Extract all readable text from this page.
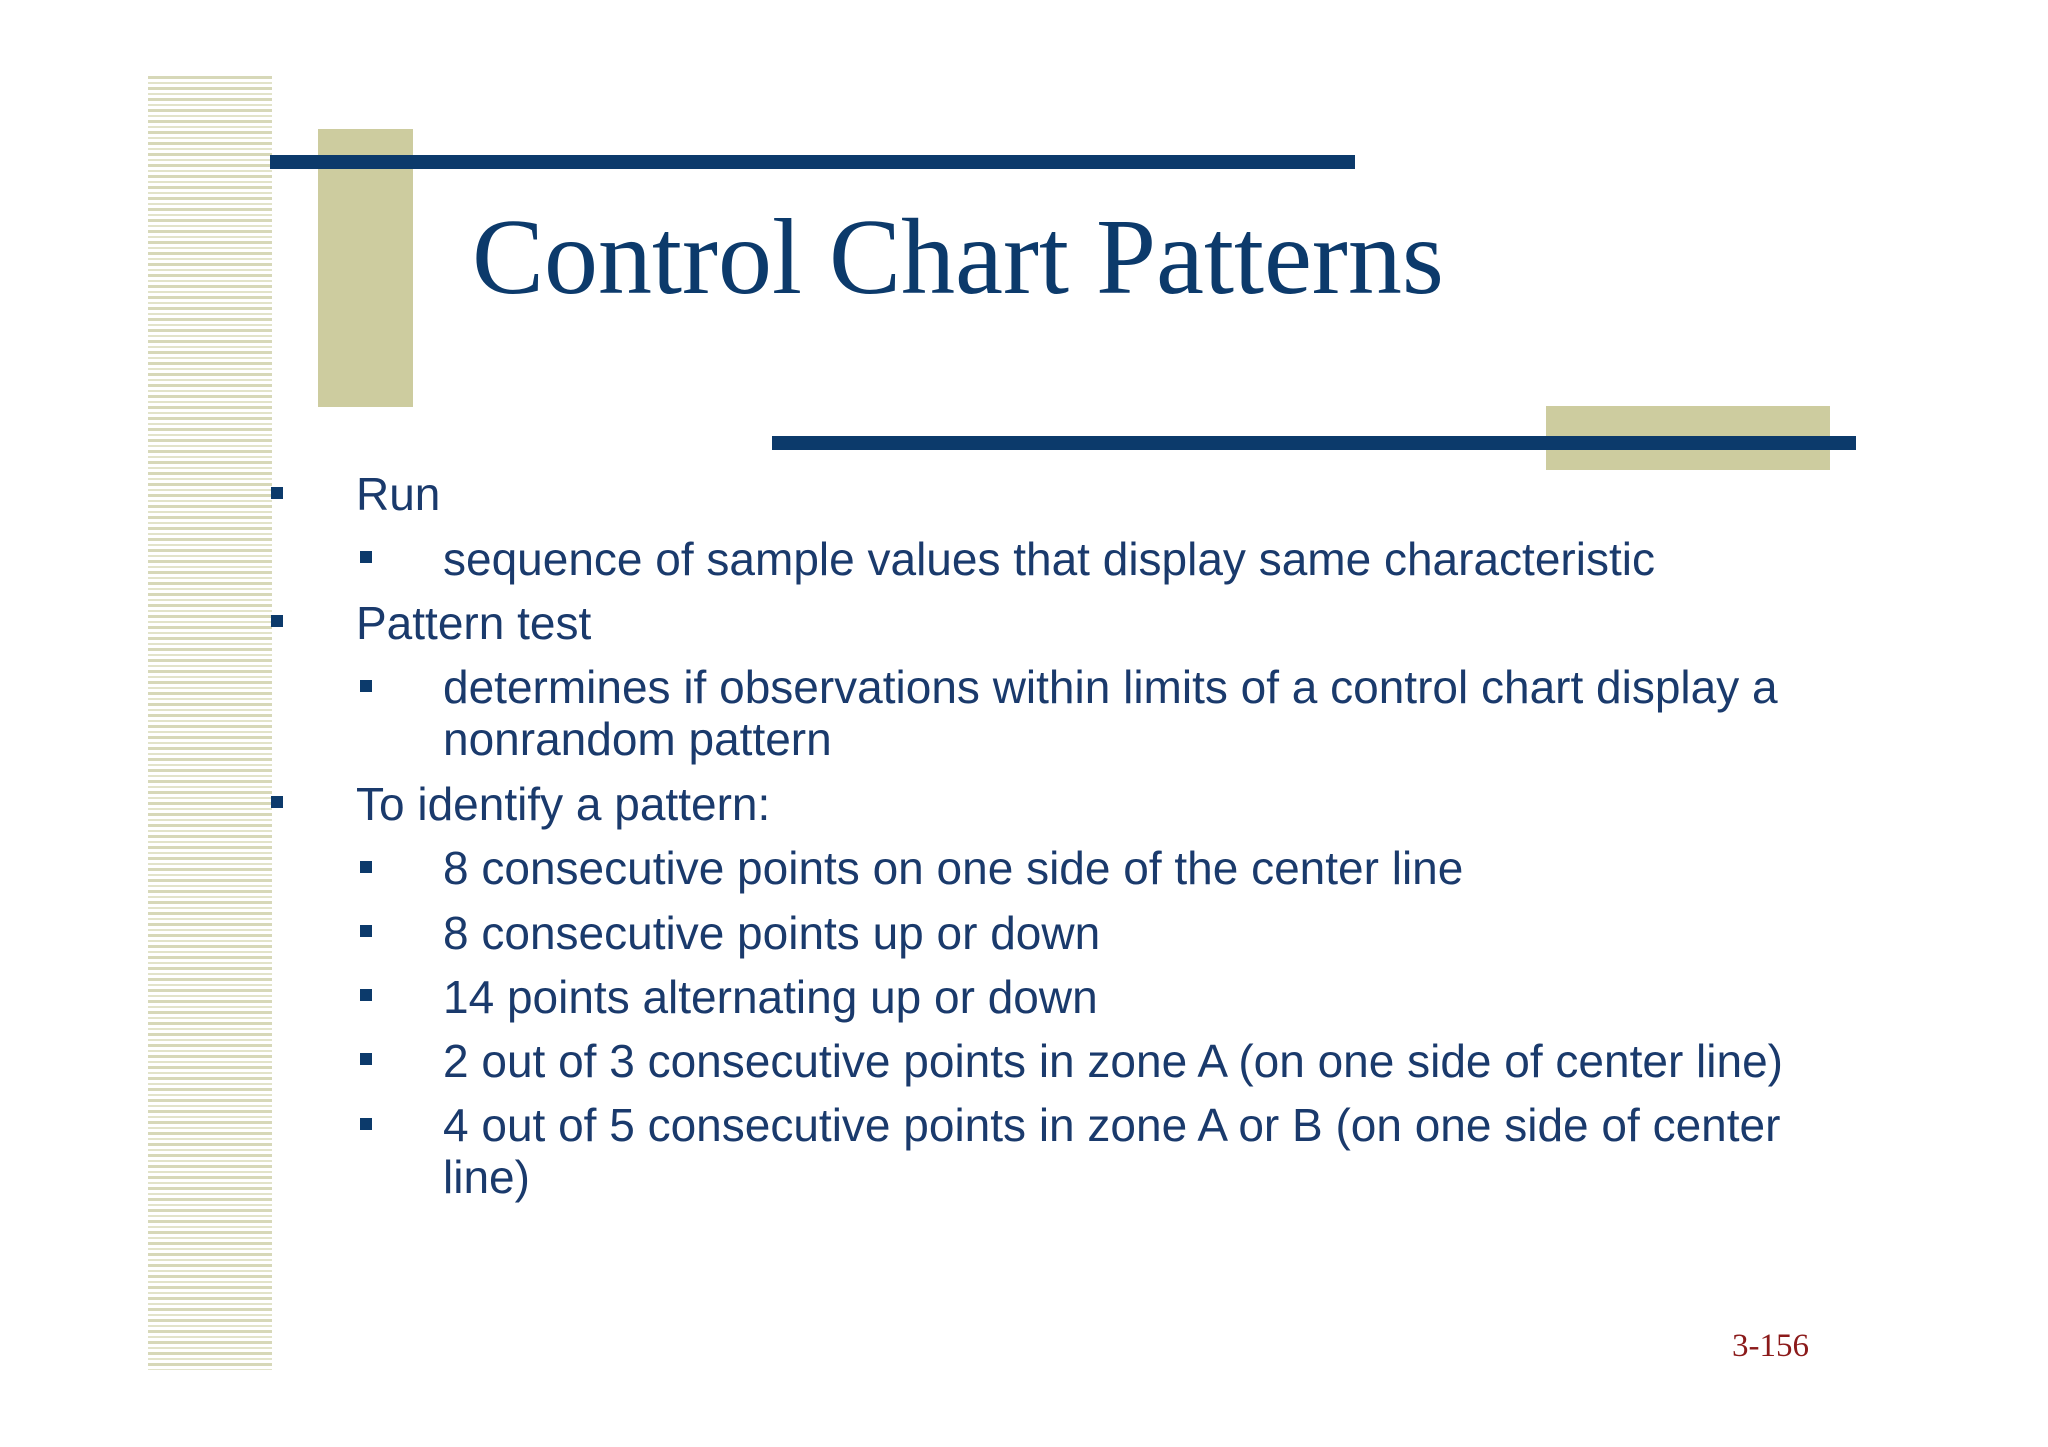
Control Chart Patterns
Run
sequence of sample values that display same characteristic
Pattern test
determines if observations within limits of a control chart display a
nonrandom pattern
To identify a pattern:
8 consecutive points on one side of the center line
8 consecutive points up or down
14 points alternating up or down
2 out of 3 consecutive points in zone A (on one side of center line)
4 out of 5 consecutive points in zone A or B (on one side of center
line)
3-156
